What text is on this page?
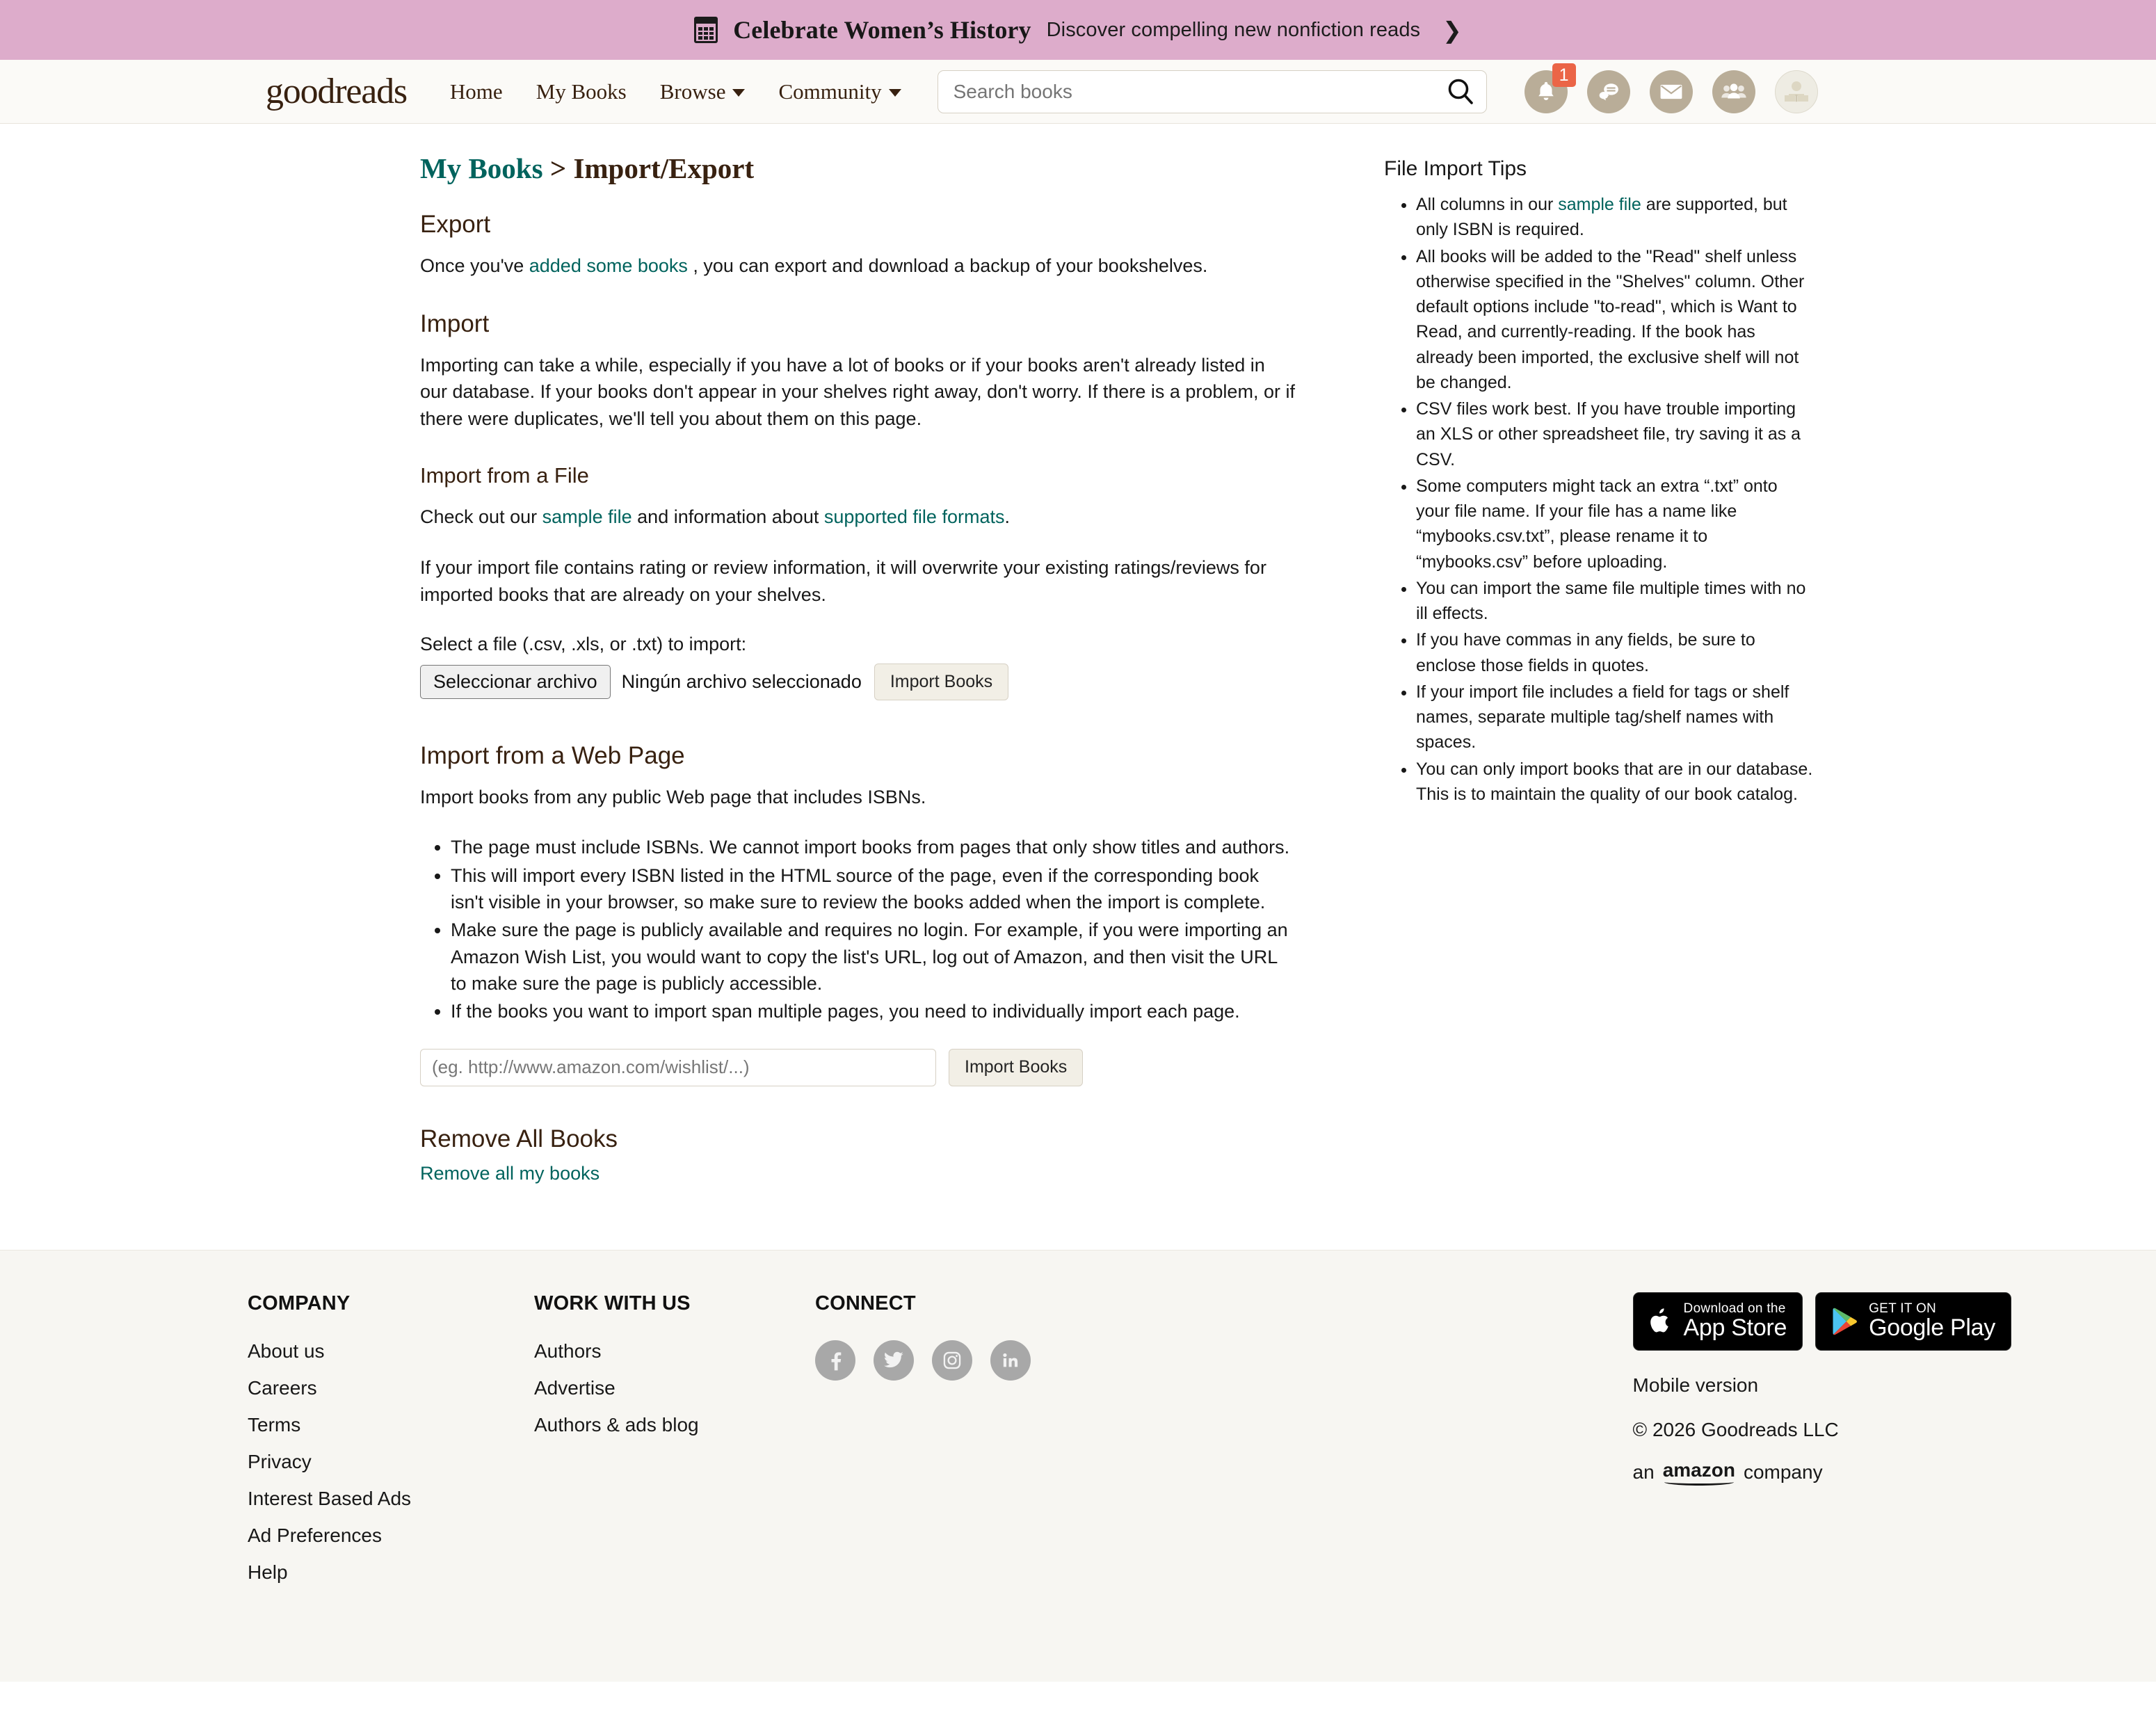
Celebrate Women’s History Discover compelling new nonfiction reads ❯
goodreads Home My Books Browse Community
Search books
1
My Books > Import/Export
Export

Once you've added some books , you can export and download a backup of your bookshelves.

Import

Importing can take a while, especially if you have a lot of books or if your books aren't already listed in our database. If your books don't appear in your shelves right away, don't worry. If there is a problem, or if there were duplicates, we'll tell you about them on this page.

Import from a File

Check out our sample file and information about supported file formats.

If your import file contains rating or review information, it will overwrite your existing ratings/reviews for imported books that are already on your shelves.

Select a file (.csv, .xls, or .txt) to import:
Seleccionar archivo	Ningún archivo seleccionado	Import Books
Import from a Web Page

Import books from any public Web page that includes ISBNs.

• The page must include ISBNs. We cannot import books from pages that only show titles and authors.
• This will import every ISBN listed in the HTML source of the page, even if the corresponding book isn't visible in your browser, so make sure to review the books added when the import is complete.
• Make sure the page is publicly available and requires no login. For example, if you were importing an Amazon Wish List, you would want to copy the list's URL, log out of Amazon, and then visit the URL to make sure the page is publicly accessible.
• If the books you want to import span multiple pages, you need to individually import each page.
(eg. http://www.amazon.com/wishlist/...)
Import Books
Remove All Books
Remove all my books
File Import Tips
• All columns in our sample file are supported, but only ISBN is required.
• All books will be added to the "Read" shelf unless otherwise specified in the "Shelves" column. Other default options include "to-read", which is Want to Read, and currently-reading. If the book has already been imported, the exclusive shelf will not be changed.
• CSV files work best. If you have trouble importing an XLS or other spreadsheet file, try saving it as a CSV.
• Some computers might tack an extra “.txt” onto your file name. If your file has a name like “mybooks.csv.txt”, please rename it to “mybooks.csv” before uploading.
• You can import the same file multiple times with no ill effects.
• If you have commas in any fields, be sure to enclose those fields in quotes.
• If your import file includes a field for tags or shelf names, separate multiple tag/shelf names with spaces.
• You can only import books that are in our database. This is to maintain the quality of our book catalog.
COMPANY
About us
Careers
Terms
Privacy
Interest Based Ads
Ad Preferences
Help
WORK WITH US
Authors
Advertise
Authors & ads blog
CONNECT	Download on the
App Store
GET IT ON
Google Play
Mobile version
© 2026 Goodreads LLC
an amazon company
